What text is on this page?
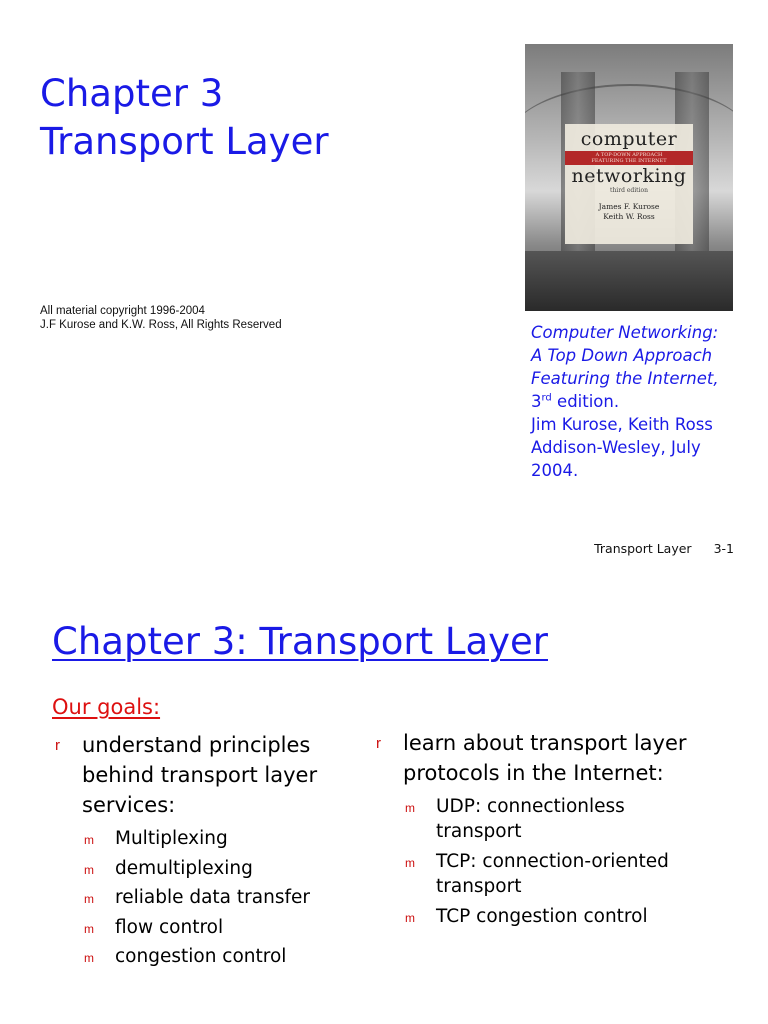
Chapter 3
Transport Layer
All material copyright 1996-2004
J.F Kurose and K.W. Ross, All Rights Reserved
computer
A TOP-DOWN APPROACH
FEATURING THE INTERNET
networking
third edition
James F. Kurose
Keith W. Ross
Computer Networking:
A Top Down Approach
Featuring the Internet,
3rd edition.
Jim Kurose, Keith Ross
Addison-Wesley, July
2004.
Transport Layer 3-1
Chapter 3: Transport Layer
Our goals:
r understand principles behind transport layer services:
m Multiplexing
m demultiplexing
m reliable data transfer
m flow control
m congestion control
r learn about transport layer protocols in the Internet:
m UDP: connectionless transport
m TCP: connection-oriented transport
m TCP congestion control
